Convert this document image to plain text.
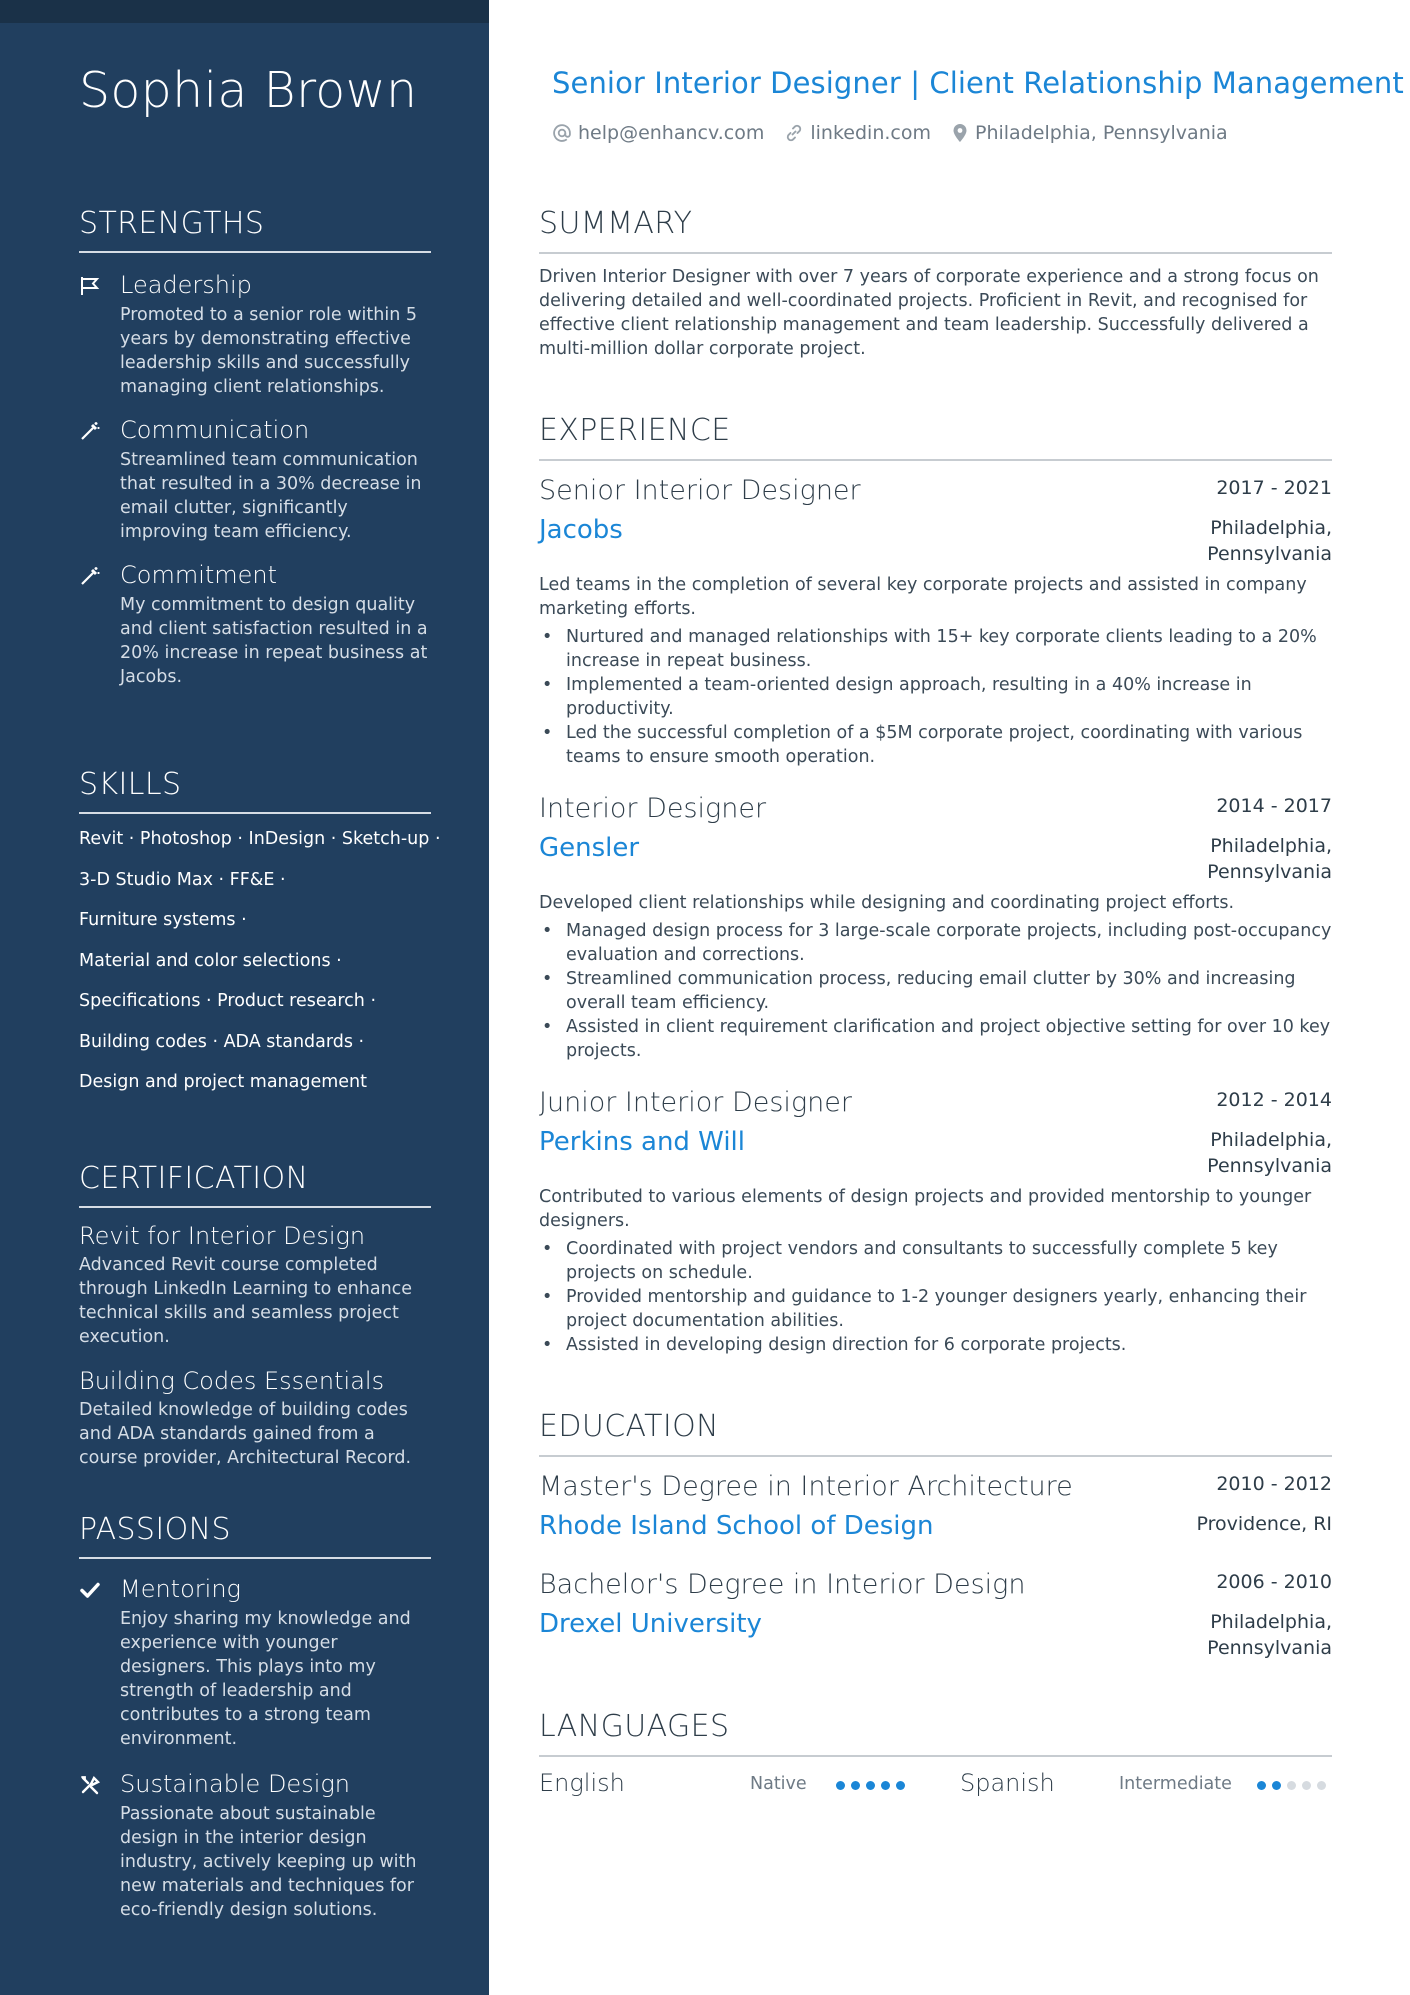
Sophia Brown
STRENGTHS
Leadership
Promoted to a senior role within 5 years by demonstrating effective leadership skills and successfully managing client relationships.
Communication
Streamlined team communication that resulted in a 30% decrease in email clutter, significantly improving team efficiency.
Commitment
My commitment to design quality and client satisfaction resulted in a 20% increase in repeat business at Jacobs.
SKILLS
Revit · Photoshop · InDesign · Sketch-up ·
3-D Studio Max · FF&E ·
Furniture systems ·
Material and color selections ·
Specifications · Product research ·
Building codes · ADA standards ·
Design and project management
CERTIFICATION
Revit for Interior Design
Advanced Revit course completed through LinkedIn Learning to enhance technical skills and seamless project execution.
Building Codes Essentials
Detailed knowledge of building codes and ADA standards gained from a course provider, Architectural Record.
PASSIONS
Mentoring
Enjoy sharing my knowledge and experience with younger designers. This plays into my strength of leadership and contributes to a strong team environment.
Sustainable Design
Passionate about sustainable design in the interior design industry, actively keeping up with new materials and techniques for eco-friendly design solutions.
Senior Interior Designer | Client Relationship Management
help@enhancv.com linkedin.com Philadelphia, Pennsylvania
SUMMARY
Driven Interior Designer with over 7 years of corporate experience and a strong focus on delivering detailed and well-coordinated projects. Proficient in Revit, and recognised for effective client relationship management and team leadership. Successfully delivered a multi-million dollar corporate project.
EXPERIENCE
Senior Interior Designer	2017 - 2021
Jacobs	Philadelphia, Pennsylvania
Led teams in the completion of several key corporate projects and assisted in company marketing efforts.
• Nurtured and managed relationships with 15+ key corporate clients leading to a 20% increase in repeat business.
• Implemented a team-oriented design approach, resulting in a 40% increase in productivity.
• Led the successful completion of a $5M corporate project, coordinating with various teams to ensure smooth operation.
Interior Designer	2014 - 2017
Gensler	Philadelphia, Pennsylvania
Developed client relationships while designing and coordinating project efforts.
• Managed design process for 3 large-scale corporate projects, including post-occupancy evaluation and corrections.
• Streamlined communication process, reducing email clutter by 30% and increasing overall team efficiency.
• Assisted in client requirement clarification and project objective setting for over 10 key projects.
Junior Interior Designer	2012 - 2014
Perkins and Will	Philadelphia, Pennsylvania
Contributed to various elements of design projects and provided mentorship to younger designers.
• Coordinated with project vendors and consultants to successfully complete 5 key projects on schedule.
• Provided mentorship and guidance to 1-2 younger designers yearly, enhancing their project documentation abilities.
• Assisted in developing design direction for 6 corporate projects.
EDUCATION
Master's Degree in Interior Architecture	2010 - 2012
Rhode Island School of Design	Providence, RI
Bachelor's Degree in Interior Design	2006 - 2010
Drexel University	Philadelphia, Pennsylvania
LANGUAGES
English	Native	Spanish	Intermediate
